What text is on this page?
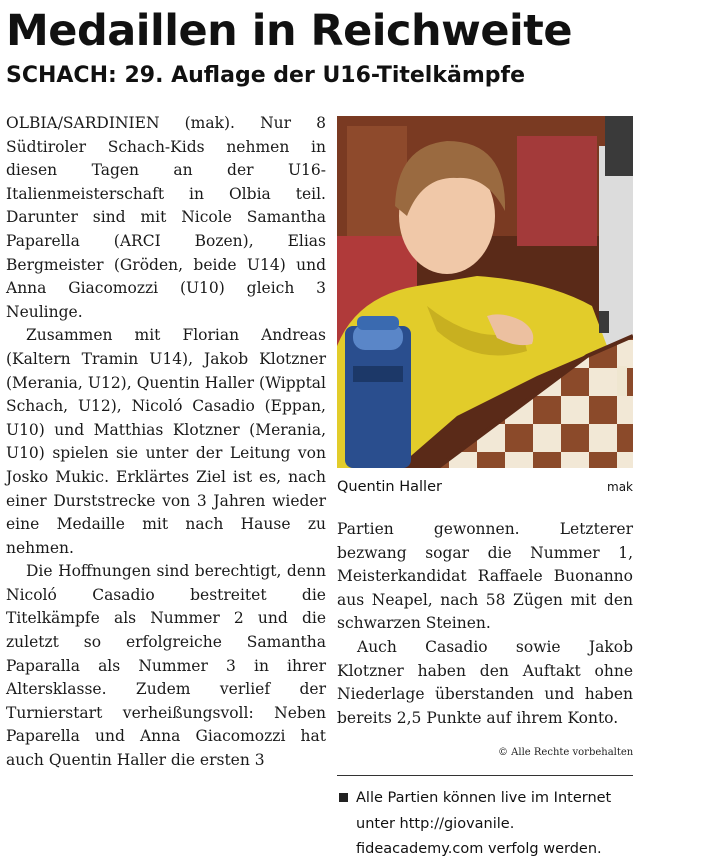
Medaillen in Reichweite
SCHACH: 29. Auflage der U16-Titelkämpfe

OLBIA/SARDINIEN (mak). Nur 8 Südtiroler Schach-Kids nehmen in diesen Tagen an der U16-Italienmeisterschaft in Olbia teil. Darunter sind mit Nicole Samantha Paparella (ARCI Bozen), Elias Bergmeister (Gröden, beide U14) und Anna Giacomozzi (U10) gleich 3 Neulinge.

Zusammen mit Florian Andreas (Kaltern Tramin U14), Jakob Klotzner (Merania, U12), Quentin Haller (Wipptal Schach, U12), Nicoló Casadio (Eppan, U10) und Matthias Klotzner (Merania, U10) spielen sie unter der Leitung von Josko Mukic. Erklärtes Ziel ist es, nach einer Durststrecke von 3 Jahren wieder eine Medaille mit nach Hause zu nehmen.

Die Hoffnungen sind berechtigt, denn Nicoló Casadio bestreitet die Titelkämpfe als Nummer 2 und die zuletzt so erfolgreiche Samantha Paparalla als Nummer 3 in ihrer Altersklasse. Zudem verlief der Turnierstart verheißungsvoll: Neben Paparella und Anna Giacomozzi hat auch Quentin Haller die ersten 3

Quentin Haller	mak

Partien gewonnen. Letzterer bezwang sogar die Nummer 1, Meisterkandidat Raffaele Buonanno aus Neapel, nach 58 Zügen mit den schwarzen Steinen.

Auch Casadio sowie Jakob Klotzner haben den Auftakt ohne Niederlage überstanden und haben bereits 2,5 Punkte auf ihrem Konto.

© Alle Rechte vorbehalten
Alle Partien können live im Internet
unter http://giovanile.
fideacademy.com verfolg werden.
